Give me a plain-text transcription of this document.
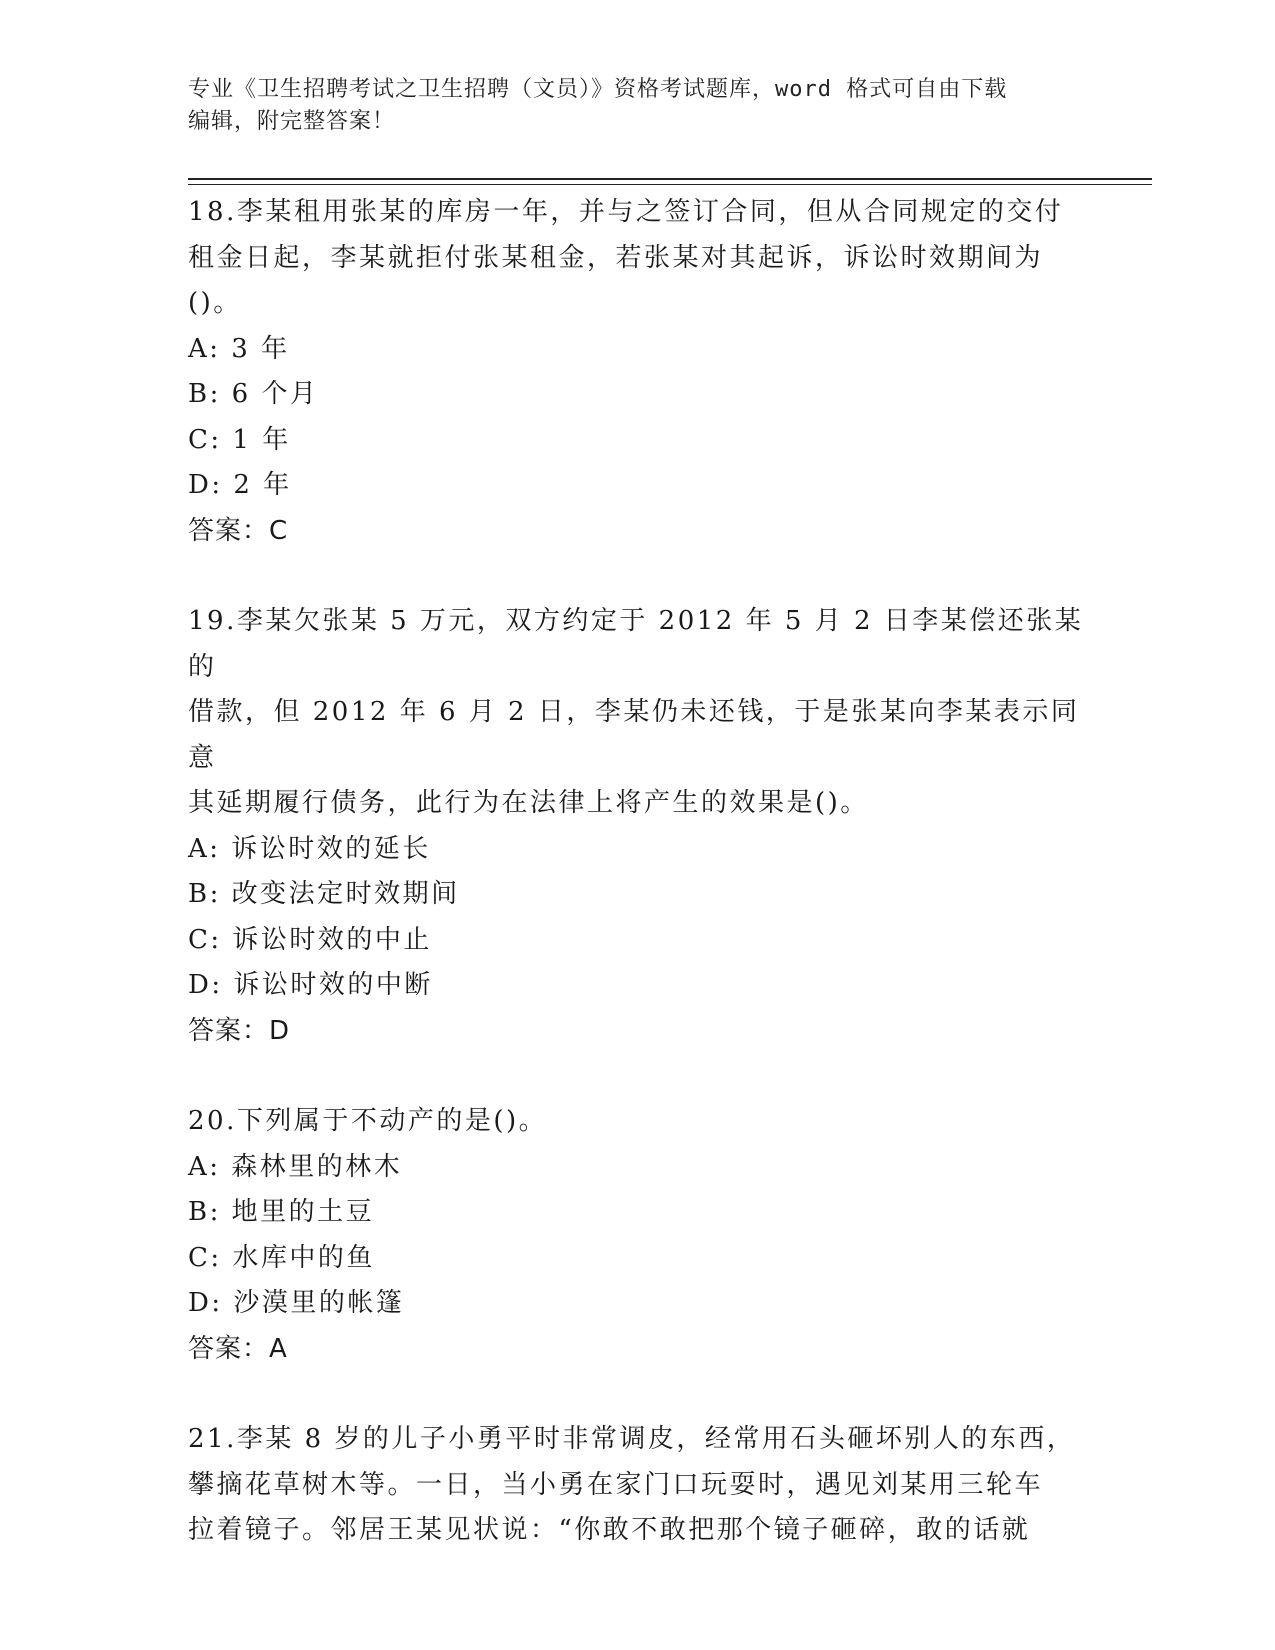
专业《卫生招聘考试之卫生招聘（文员）》资格考试题库，word 格式可自由下载
编辑，附完整答案！

18.李某租用张某的库房一年，并与之签订合同，但从合同规定的交付

租金日起，李某就拒付张某租金，若张某对其起诉，诉讼时效期间为

()。

A: 3 年

B: 6 个月

C: 1 年

D: 2 年

答案：C

19.李某欠张某 5 万元，双方约定于 2012 年 5 月 2 日李某偿还张某的

借款，但 2012 年 6 月 2 日，李某仍未还钱，于是张某向李某表示同意

其延期履行债务，此行为在法律上将产生的效果是()。

A: 诉讼时效的延长

B: 改变法定时效期间

C: 诉讼时效的中止

D: 诉讼时效的中断

答案：D

20.下列属于不动产的是()。

A: 森林里的林木

B: 地里的土豆

C: 水库中的鱼

D: 沙漠里的帐篷

答案：A

21.李某 8 岁的儿子小勇平时非常调皮，经常用石头砸坏别人的东西，

攀摘花草树木等。一日，当小勇在家门口玩耍时，遇见刘某用三轮车

拉着镜子。邻居王某见状说：“你敢不敢把那个镜子砸碎，敢的话就
